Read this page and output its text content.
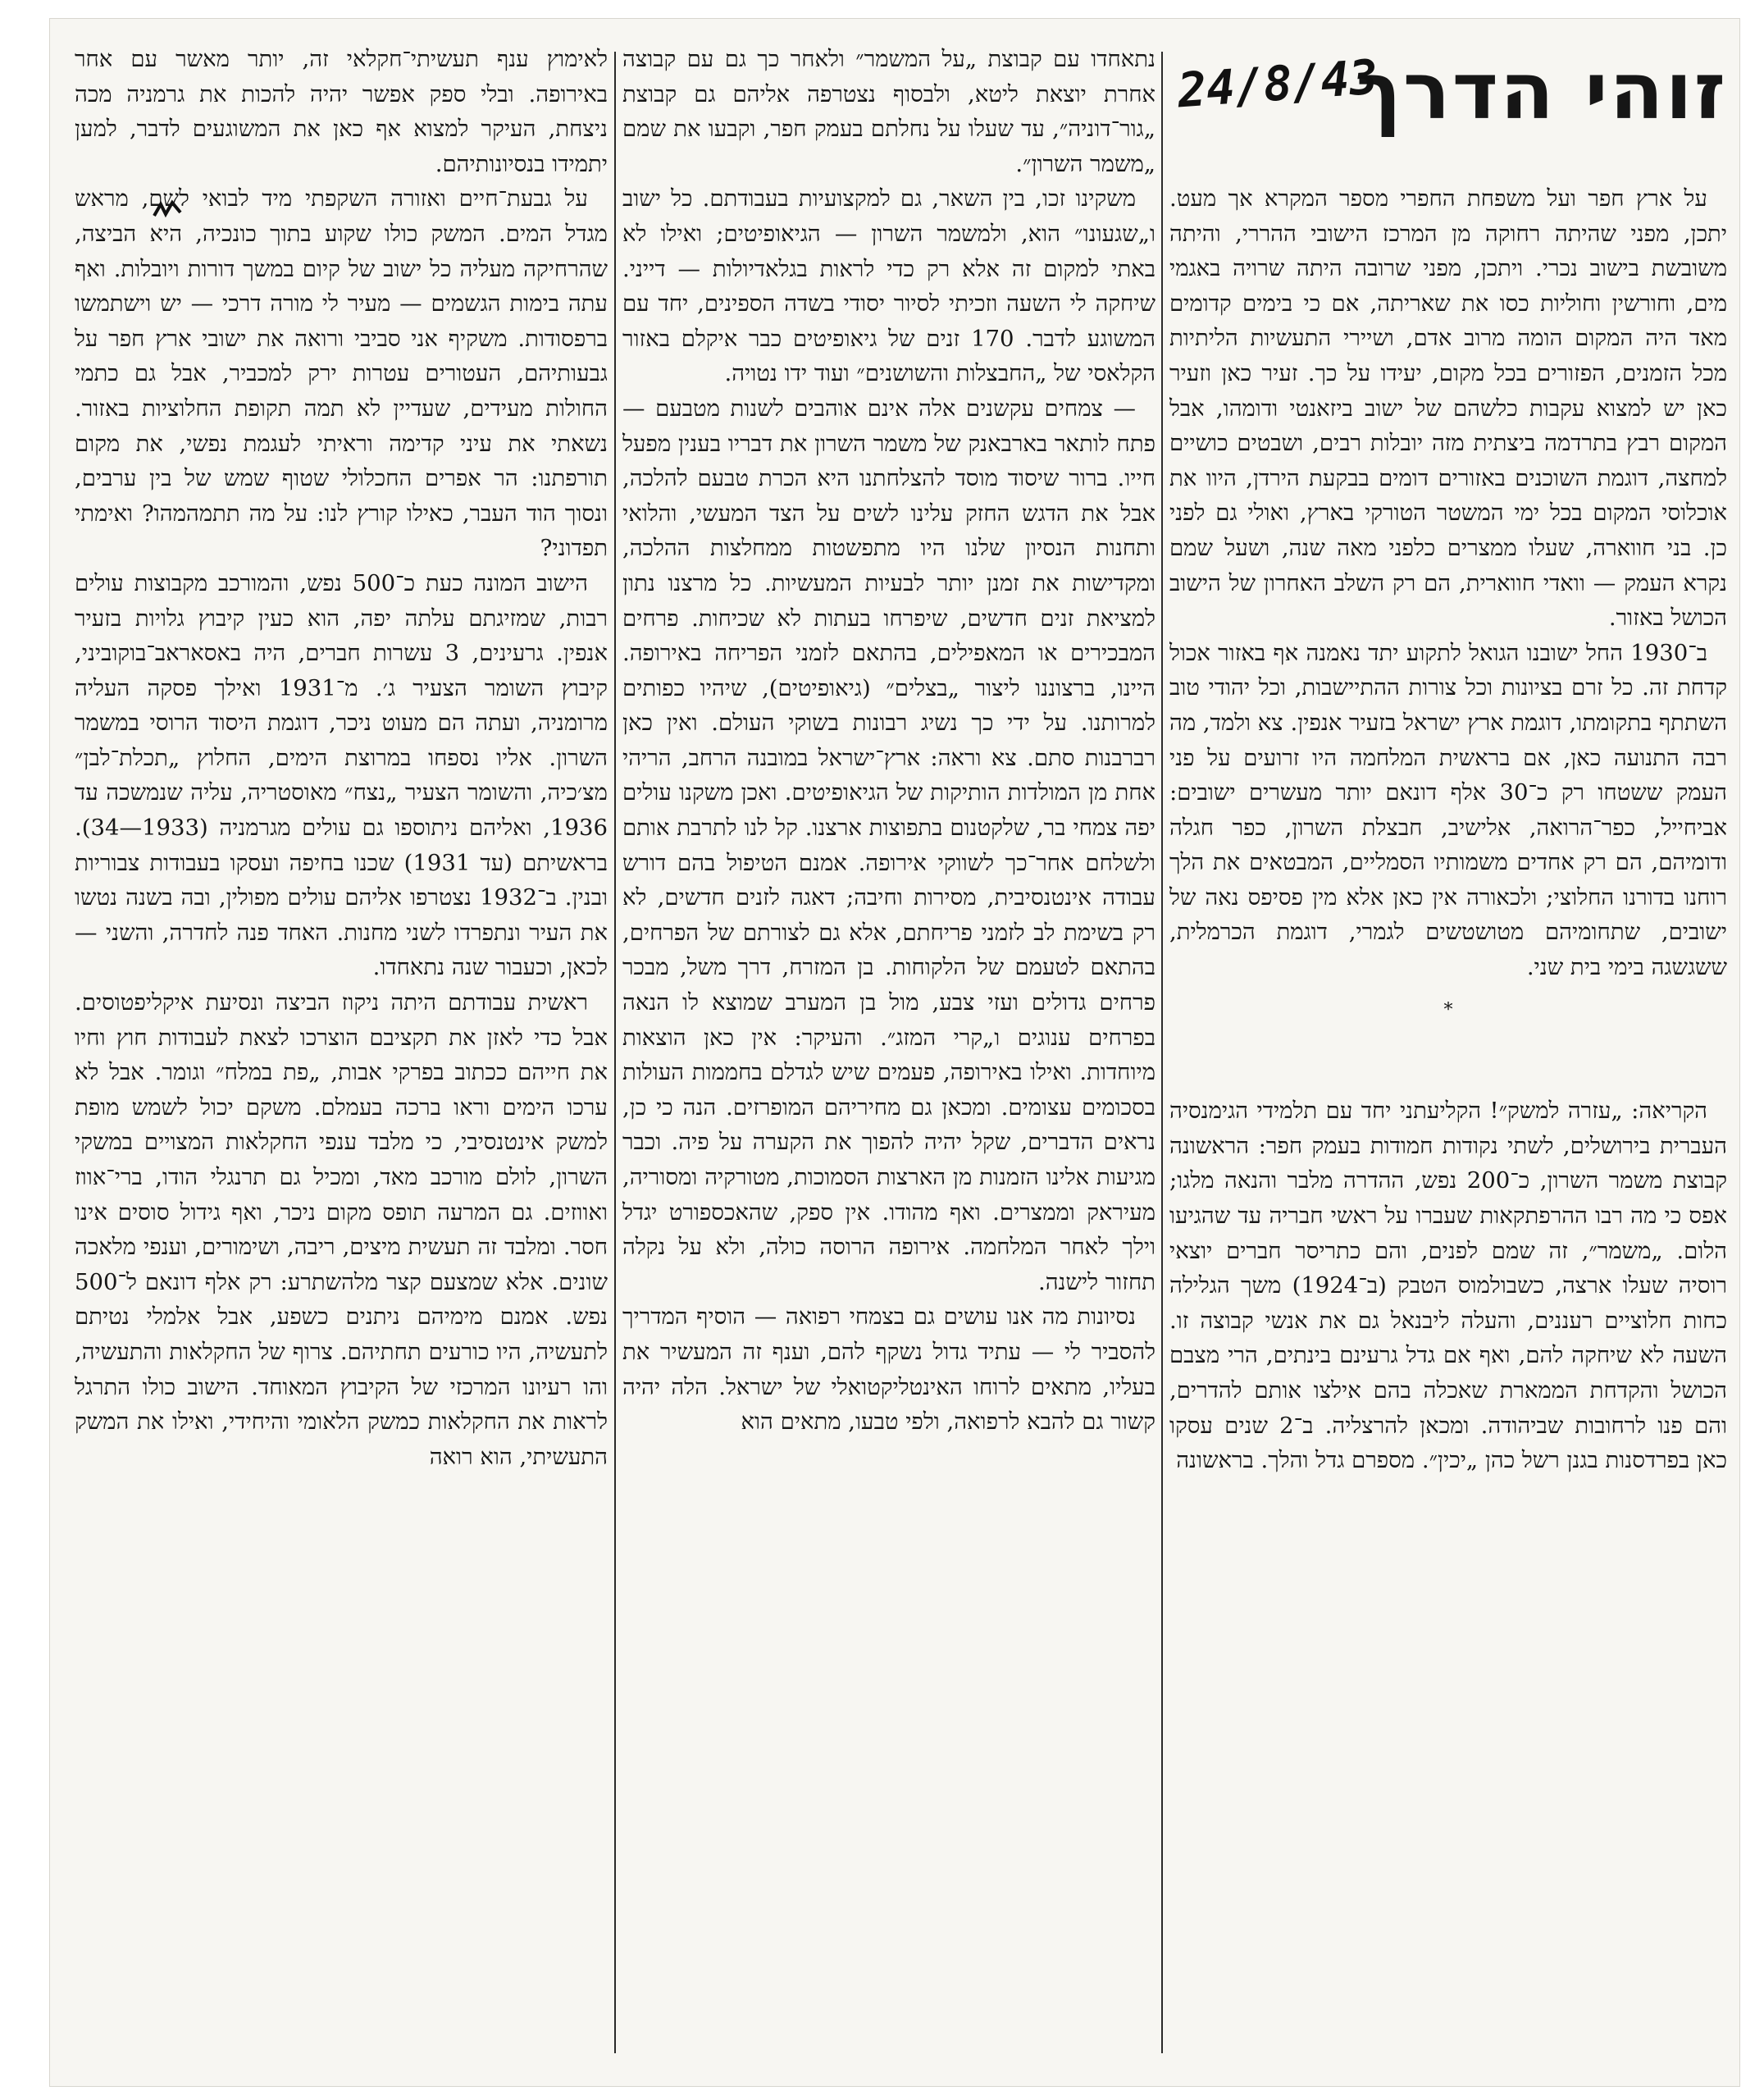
זוהי הדרך
24/8/43

על ארץ חפר ועל משפחת החפרי מספר המקרא אך מעט. יתכן, מפני שהיתה רחוקה מן המרכז הישובי ההררי, והיתה משובשת בישוב נכרי. ויתכן, מפני שרובה היתה שרויה באגמי מים, וחורשין וחוליות כסו את שאריתה, אם כי בימים קדומים מאד היה המקום הומה מרוב אדם, ושיירי התעשיות הליתיות מכל הזמנים, הפזורים בכל מקום, יעידו על כך. זעיר כאן וזעיר כאן יש למצוא עקבות כלשהם של ישוב ביזאנטי ודומהו, אבל המקום רבץ בתרדמה ביצתית מזה יובלות רבים, ושבטים כושיים למחצה, דוגמת השוכנים באזורים דומים בבקעת הירדן, היוו את אוכלוסי המקום בכל ימי המשטר הטורקי בארץ, ואולי גם לפני כן. בני חווארה, שעלו ממצרים כלפני מאה שנה, ושעל שמם נקרא העמק — וואדי חווארית, הם רק השלב האחרון של הישוב הכושל באזור.

ב־1930 החל ישובנו הגואל לתקוע יתד נאמנה אף באזור אכול קדחת זה. כל זרם בציונות וכל צורות ההתיישבות, וכל יהודי טוב השתתף בתקומתו, דוגמת ארץ ישראל בזעיר אנפין. צא ולמד, מה רבה התנועה כאן, אם בראשית המלחמה היו זרועים על פני העמק ששטחו רק כ־30 אלף דונאם יותר מעשרים ישובים: אביחייל, כפר־הרואה, אלישיב, חבצלת השרון, כפר חגלה ודומיהם, הם רק אחדים משמותיו הסמליים, המבטאים את הלך רוחנו בדורנו החלוצי; ולכאורה אין כאן אלא מין פסיפס נאה של ישובים, שתחומיהם מטושטשים לגמרי, דוגמת הכרמלית, ששגשגה בימי בית שני.

*

הקריאה: „עזרה למשק״! הקליעתני יחד עם תלמידי הגימנסיה העברית בירושלים, לשתי נקודות חמודות בעמק חפר: הראשונה קבוצת משמר השרון, כ־200 נפש, ההדרה מלבר והנאה מלגו; אפס כי מה רבו ההרפתקאות שעברו על ראשי חבריה עד שהגיעו הלום. „משמר״, זה שמם לפנים, והם כתריסר חברים יוצאי רוסיה שעלו ארצה, כשבולמוס הטבק (ב־1924) משך הגלילה כחות חלוציים רעננים, והעלה ליבנאל גם את אנשי קבוצה זו. השעה לא שיחקה להם, ואף אם גדל גרעינם בינתים, הרי מצבם הכושל והקדחת הממארת שאכלה בהם אילצו אותם להדרים, והם פנו לרחובות שביהודה. ומכאן להרצליה. ב־2 שנים עסקו כאן בפרדסנות בגנן רשל כהן „יכין״. מספרם גדל והלך. בראשונה

נתאחדו עם קבוצת „על המשמר״ ולאחר כך גם עם קבוצה אחרת יוצאת ליטא, ולבסוף נצטרפה אליהם גם קבוצת „גור־דוניה״, עד שעלו על נחלתם בעמק חפר, וקבעו את שמם „משמר השרון״.

משקינו זכו, בין השאר, גם למקצועיות בעבודתם. כל ישוב ו„שגעונו״ הוא, ולמשמר השרון — הגיאופיטים; ואילו לא באתי למקום זה אלא רק כדי לראות בגלאדיולות — דייני. שיחקה לי השעה וזכיתי לסיור יסודי בשדה הספינים, יחד עם המשוגע לדבר. 170 זנים של גיאופיטים כבר איקלם באזור הקלאסי של „החבצלות והשושנים״ ועוד ידו נטויה.

— צמחים עקשנים אלה אינם אוהבים לשנות מטבעם — פתח לותאר בארבאנק של משמר השרון את דבריו בענין מפעל חייו. ברור שיסוד מוסד להצלחתנו היא הכרת טבעם להלכה, אבל את הדגש החזק עלינו לשים על הצד המעשי, והלואי ותחנות הנסיון שלנו היו מתפשטות ממחלצות ההלכה, ומקדישות את זמנן יותר לבעיות המעשיות. כל מרצנו נתון למציאת זנים חדשים, שיפרחו בעתות לא שכיחות. פרחים המבכירים או המאפילים, בהתאם לזמני הפריחה באירופה. היינו, ברצוננו ליצור „בצלים״ (גיאופיטים), שיהיו כפותים למרותנו. על ידי כך נשיג רבונות בשוקי העולם. ואין כאן רברבנות סתם. צא וראה: ארץ־ישראל במובנה הרחב, הריהי אחת מן המולדות הותיקות של הגיאופיטים. ואכן משקנו עולים יפה צמחי בר, שלקטנום בתפוצות ארצנו. קל לנו לתרבת אותם ולשלחם אחר־כך לשווקי אירופה. אמנם הטיפול בהם דורש עבודה אינטנסיבית, מסירות וחיבה; דאגה לזנים חדשים, לא רק בשימת לב לזמני פריחתם, אלא גם לצורתם של הפרחים, בהתאם לטעמם של הלקוחות. בן המזרח, דרך משל, מבכר פרחים גדולים ועזי צבע, מול בן המערב שמוצא לו הנאה בפרחים ענוגים ו„קרי המזג״. והעיקר: אין כאן הוצאות מיוחדות. ואילו באירופה, פעמים שיש לגדלם בחממות העולות בסכומים עצומים. ומכאן גם מחיריהם המופרזים. הנה כי כן, נראים הדברים, שקל יהיה להפוך את הקערה על פיה. וכבר מגיעות אלינו הזמנות מן הארצות הסמוכות, מטורקיה ומסוריה, מעיראק וממצרים. ואף מהודו. אין ספק, שהאכספורט יגדל וילך לאחר המלחמה. אירופה הרוסה כולה, ולא על נקלה תחזור לישנה.

נסיונות מה אנו עושים גם בצמחי רפואה — הוסיף המדריך להסביר לי — עתיד גדול נשקף להם, וענף זה המעשיר את בעליו, מתאים לרוחו האינטליקטואלי של ישראל. הלה יהיה קשור גם להבא לרפואה, ולפי טבעו, מתאים הוא

לאימוץ ענף תעשיתי־חקלאי זה, יותר מאשר עם אחר באירופה. ובלי ספק אפשר יהיה להכות את גרמניה מכה ניצחת, העיקר למצוא אף כאן את המשוגעים לדבר, למען יתמידו בנסיונותיהם.

על גבעת־חיים ואזורה השקפתי מיד לבואי לשם, מראש מגדל המים. המשק כולו שקוע בתוך כונכיה, היא הביצה, שהרחיקה מעליה כל ישוב של קיום במשך דורות ויובלות. ואף עתה בימות הגשמים — מעיר לי מורה דרכי — יש וישתמשו ברפסודות. משקיף אני סביבי ורואה את ישובי ארץ חפר על גבעותיהם, העטורים עטרות ירק למכביר, אבל גם כתמי החולות מעידים, שעדיין לא תמה תקופת החלוציות באזור. נשאתי את עיני קדימה וראיתי לעגמת נפשי, את מקום תורפתנו: הר אפרים החכלולי שטוף שמש של בין ערבים, ונסוך הוד העבר, כאילו קורץ לנו: על מה תתמהמהו? ואימתי תפדוני?

הישוב המונה כעת כ־500 נפש, והמורכב מקבוצות עולים רבות, שמזיגתם עלתה יפה, הוא כעין קיבוץ גלויות בזעיר אנפין. גרעינים, 3 עשרות חברים, היה באסאראב־בוקוביני, קיבוץ השומר הצעיר ג׳. מ־1931 ואילך פסקה העליה מרומניה, ועתה הם מעוט ניכר, דוגמת היסוד הרוסי במשמר השרון. אליו נספחו במרוצת הימים, החלוץ „תכלת־לבן״ מצ׳כיה, והשומר הצעיר „נצח״ מאוסטריה, עליה שנמשכה עד 1936, ואליהם ניתוספו גם עולים מגרמניה (1933—34). בראשיתם (עד 1931) שכנו בחיפה ועסקו בעבודות צבוריות ובנין. ב־1932 נצטרפו אליהם עולים מפולין, ובה בשנה נטשו את העיר ונתפרדו לשני מחנות. האחד פנה לחדרה, והשני — לכאן, וכעבור שנה נתאחדו.

ראשית עבודתם היתה ניקוז הביצה ונסיעת איקליפטוסים. אבל כדי לאזן את תקציבם הוצרכו לצאת לעבודות חוץ וחיו את חייהם ככתוב בפרקי אבות, „פת במלח״ וגומר. אבל לא ערכו הימים וראו ברכה בעמלם. משקם יכול לשמש מופת למשק אינטנסיבי, כי מלבד ענפי החקלאות המצויים במשקי השרון, לולם מורכב מאד, ומכיל גם תרנגלי הודו, ברי־אווז ואווזים. גם המרעה תופס מקום ניכר, ואף גידול סוסים אינו חסר. ומלבד זה תעשית מיצים, ריבה, ושימורים, וענפי מלאכה שונים. אלא שמצעם קצר מלהשתרע: רק אלף דונאם ל־500 נפש. אמנם מימיהם ניתנים כשפע, אבל אלמלי נטיתם לתעשיה, היו כורעים תחתיהם. צרוף של החקלאות והתעשיה, והו רעיונו המרכזי של הקיבוץ המאוחד. הישוב כולו התרגל לראות את החקלאות כמשק הלאומי והיחידי, ואילו את המשק התעשיתי, הוא רואה
